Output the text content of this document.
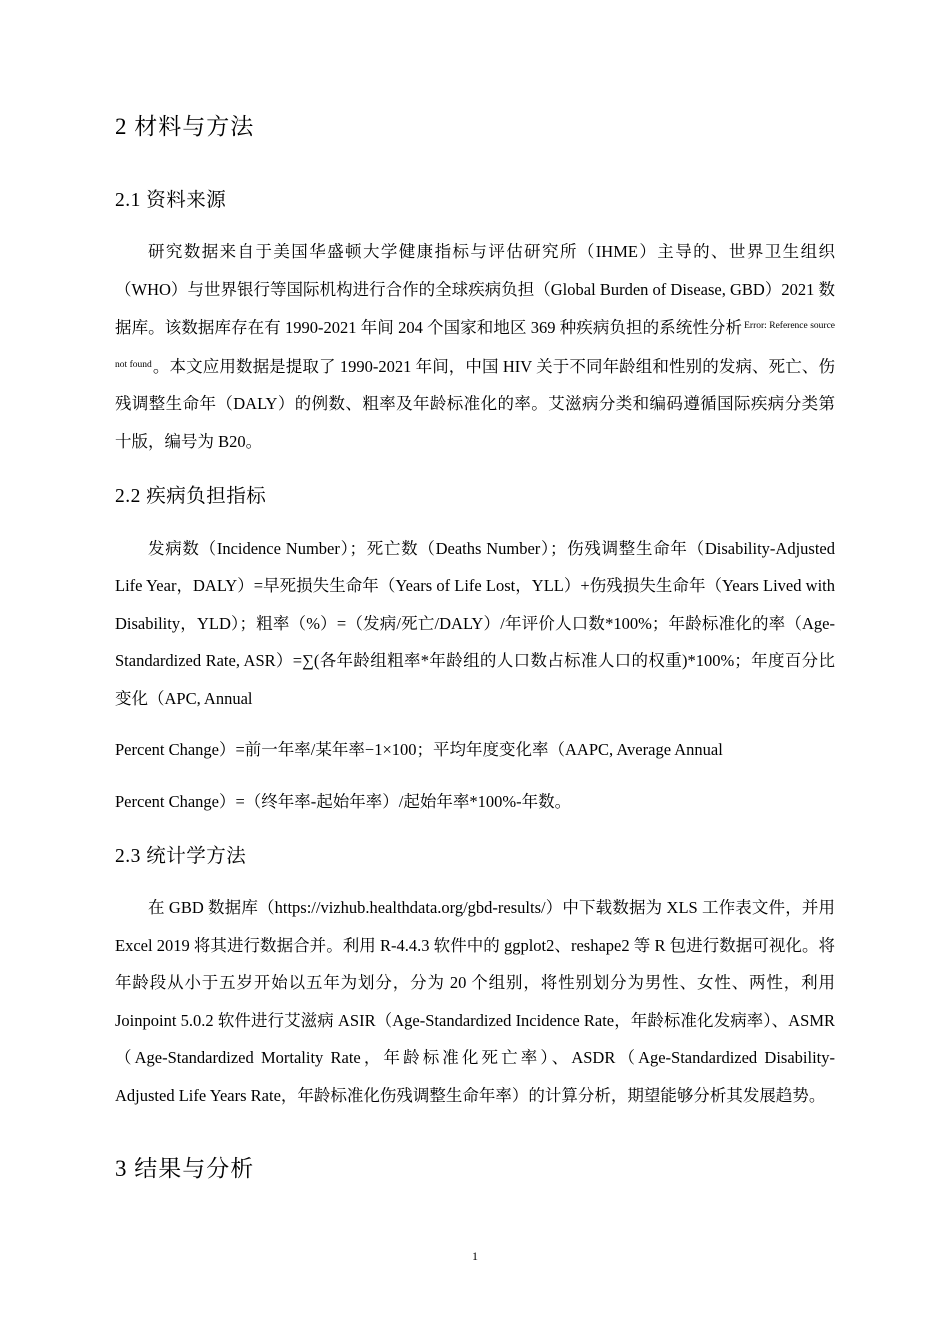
2 材料与方法
2.1 资料来源

研究数据来自于美国华盛顿大学健康指标与评估研究所（IHME）主导的、世界卫生组织（WHO）与世界银行等国际机构进行合作的全球疾病负担（Global Burden of Disease, GBD）2021 数据库。该数据库存在有 1990-2021 年间 204 个国家和地区 369 种疾病负担的系统性分析 $^{Error: Reference source not found}$。本文应用数据是提取了 1990-2021 年间，中国 HIV 关于不同年龄组和性别的发病、死亡、伤残调整生命年（DALY）的例数、粗率及年龄标准化的率。艾滋病分类和编码遵循国际疾病分类第十版，编号为 B20。

2.2 疾病负担指标

发病数（Incidence Number）；死亡数（Deaths Number）；伤残调整生命年（Disability-Adjusted Life Year，DALY）=早死损失生命年（Years of Life Lost，YLL）+伤残损失生命年（Years Lived with Disability，YLD）；粗率（%）=（发病/死亡/DALY）/年评价人口数*100%；年龄标准化的率（Age-Standardized Rate, ASR）=∑(各年龄组粗率*年龄组的人口数占标准人口的权重)*100%；年度百分比变化（APC, Annual

Percent Change）=前一年率/某年率−1×100；平均年度变化率（AAPC, Average Annual

Percent Change）=（终年率-起始年率）/起始年率*100%-年数。

2.3 统计学方法

在 GBD 数据库（https://vizhub.healthdata.org/gbd-results/）中下载数据为 XLS 工作表文件，并用 Excel 2019 将其进行数据合并。利用 R-4.4.3 软件中的 ggplot2、reshape2 等 R 包进行数据可视化。将年龄段从小于五岁开始以五年为划分，分为 20 个组别，将性别划分为男性、女性、两性，利用 Joinpoint 5.0.2 软件进行艾滋病 ASIR（Age-Standardized Incidence Rate，年龄标准化发病率）、ASMR（Age-Standardized Mortality Rate，年龄标准化死亡率）、ASDR（Age-Standardized Disability-Adjusted Life Years Rate，年龄标准化伤残调整生命年率）的计算分析，期望能够分析其发展趋势。

3 结果与分析
1
